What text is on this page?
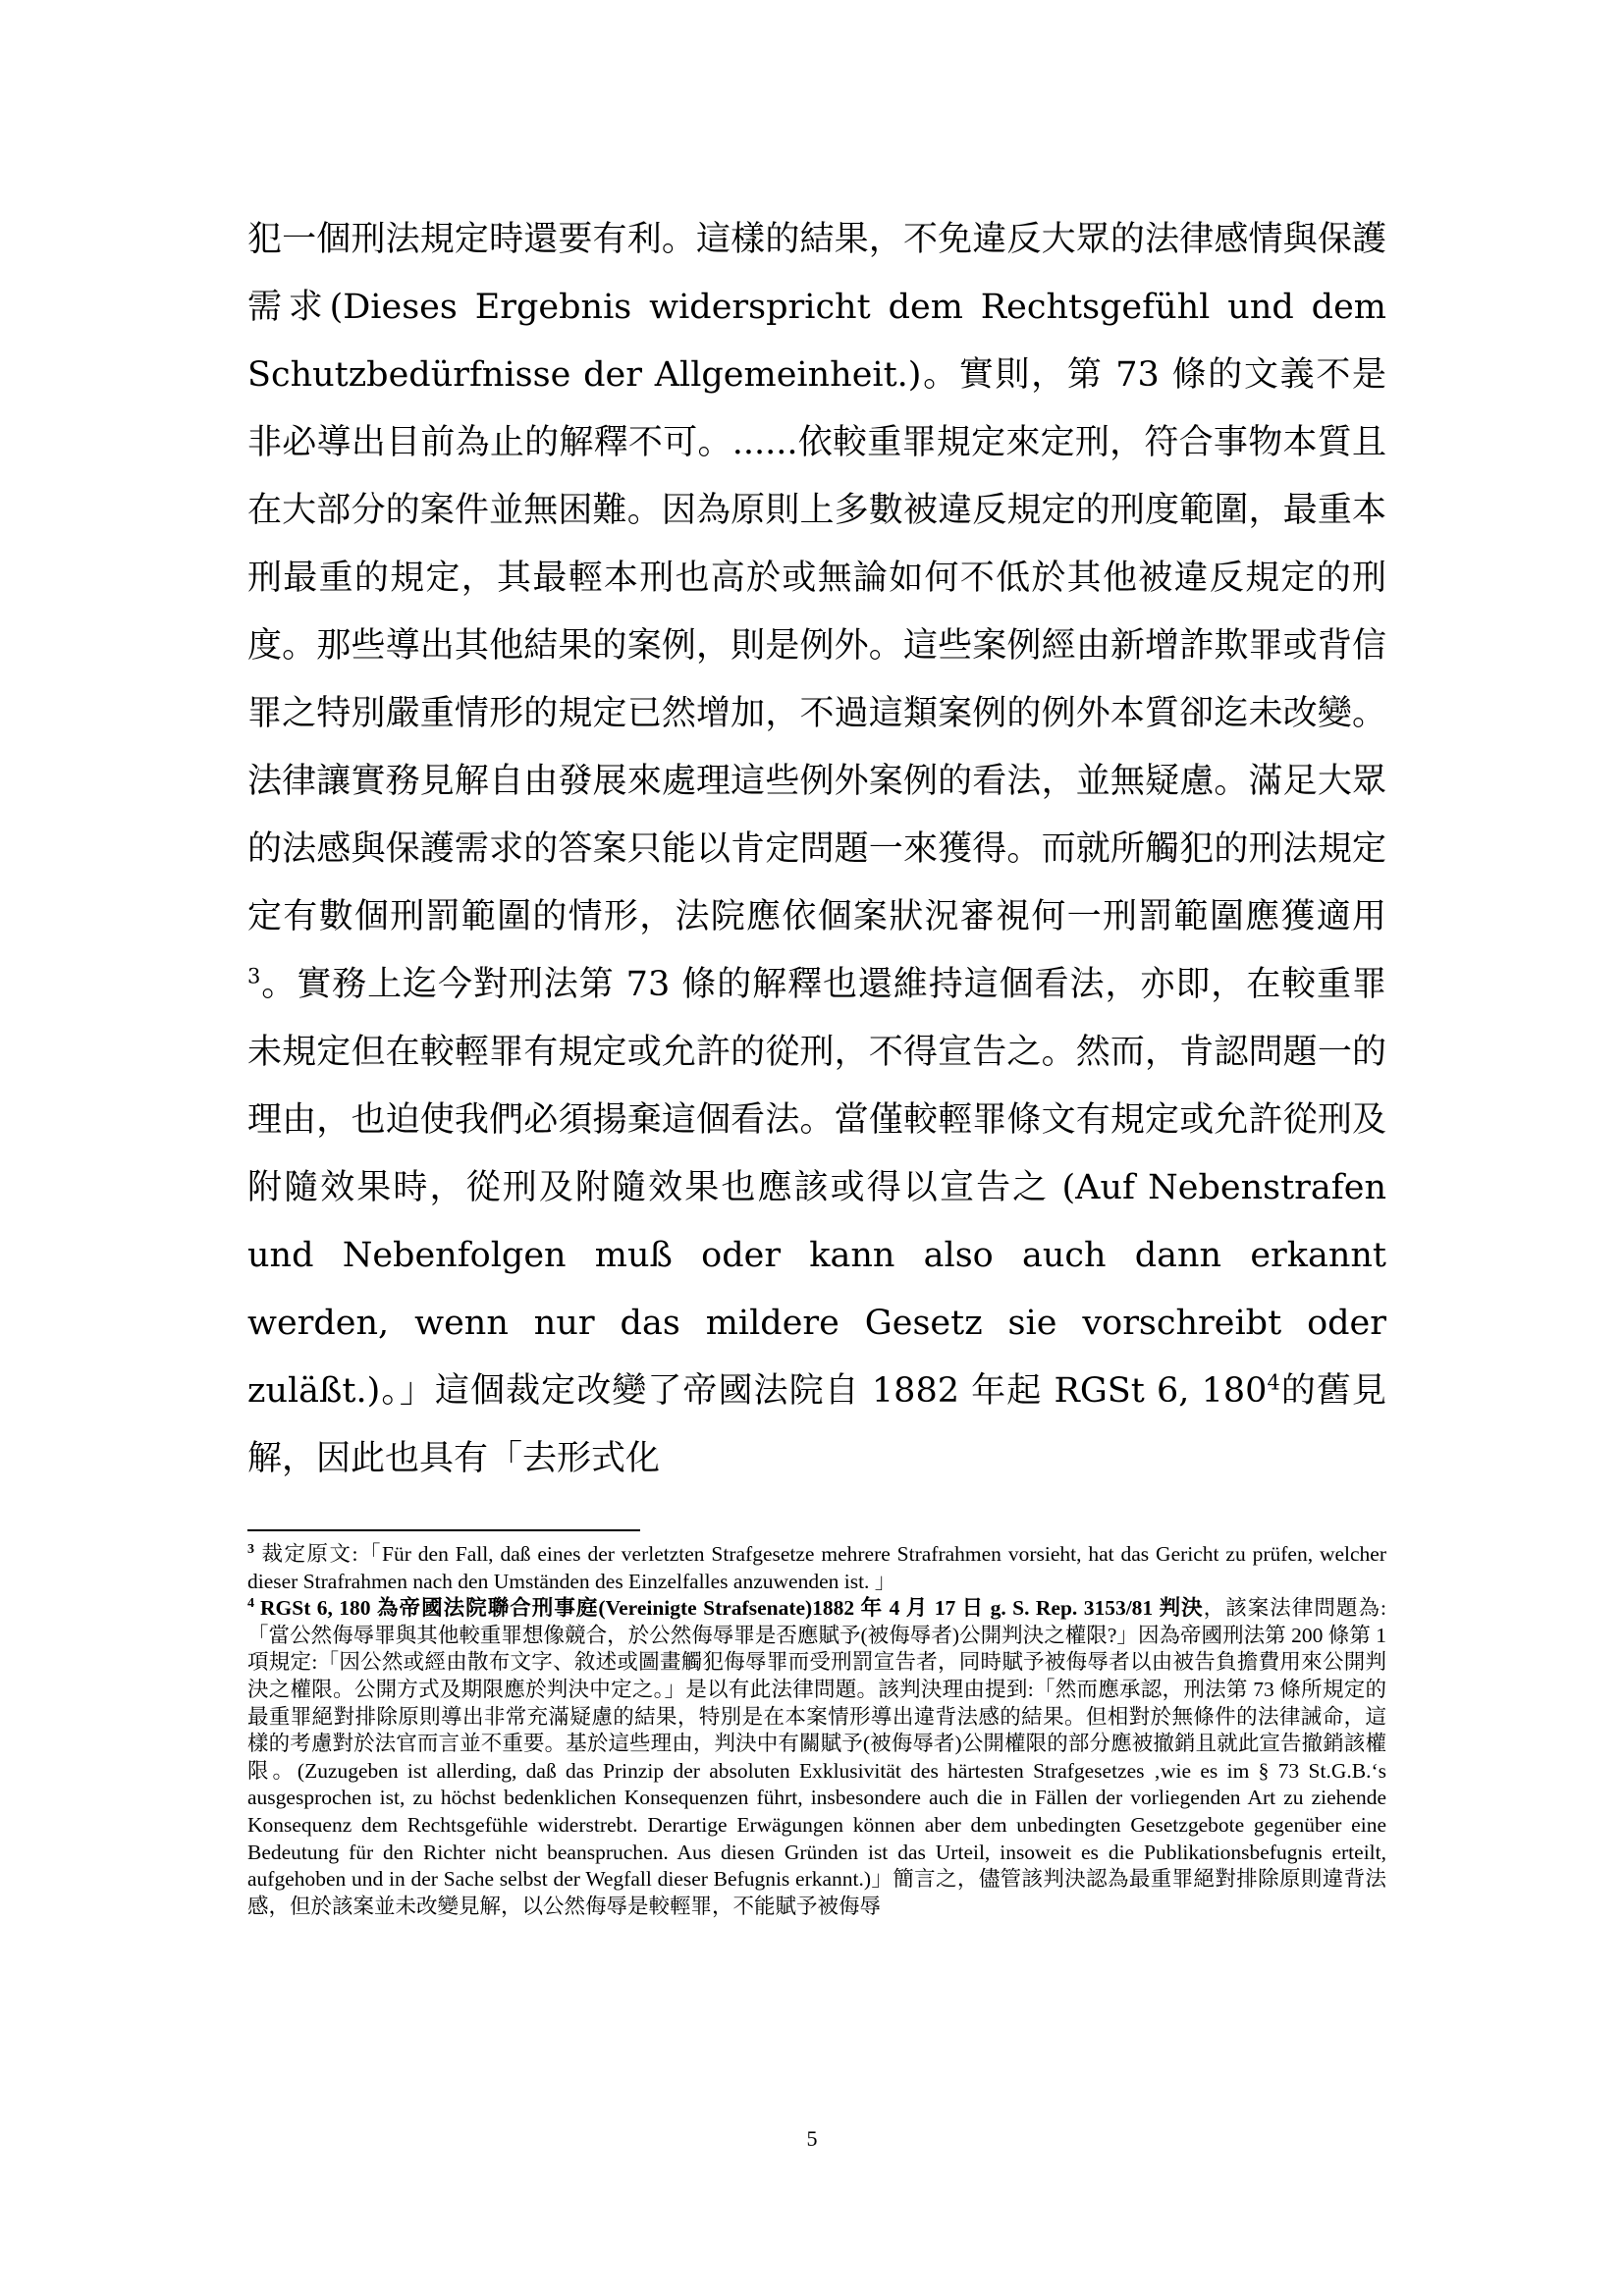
犯一個刑法規定時還要有利。這樣的結果，不免違反大眾的法律感情與保護需求(Dieses Ergebnis widerspricht dem Rechtsgefühl und dem Schutzbedürfnisse der Allgemeinheit.)。實則，第 73 條的文義不是非必導出目前為止的解釋不可。......依較重罪規定來定刑，符合事物本質且在大部分的案件並無困難。因為原則上多數被違反規定的刑度範圍，最重本刑最重的規定，其最輕本刑也高於或無論如何不低於其他被違反規定的刑度。那些導出其他結果的案例，則是例外。這些案例經由新增詐欺罪或背信罪之特別嚴重情形的規定已然增加，不過這類案例的例外本質卻迄未改變。法律讓實務見解自由發展來處理這些例外案例的看法，並無疑慮。滿足大眾的法感與保護需求的答案只能以肯定問題一來獲得。而就所觸犯的刑法規定定有數個刑罰範圍的情形，法院應依個案狀況審視何一刑罰範圍應獲適用$^3$。實務上迄今對刑法第 73 條的解釋也還維持這個看法，亦即，在較重罪未規定但在較輕罪有規定或允許的從刑，不得宣告之。然而，肯認問題一的理由，也迫使我們必須揚棄這個看法。當僅較輕罪條文有規定或允許從刑及附隨效果時，從刑及附隨效果也應該或得以宣告之 (Auf Nebenstrafen und Nebenfolgen muß oder kann also auch dann erkannt werden, wenn nur das mildere Gesetz sie vorschreibt oder zuläßt.)。」這個裁定改變了帝國法院自 1882 年起 RGSt 6, $180^4$的舊見解，因此也具有「去形式化

$^3$ 裁定原文:「Für den Fall, daß eines der verletzten Strafgesetze mehrere Strafrahmen vorsieht, hat das Gericht zu prüfen, welcher dieser Strafrahmen nach den Umständen des Einzelfalles anzuwenden ist. 」

$^4$ RGSt 6, 180 為帝國法院聯合刑事庭(Vereinigte Strafsenate)1882 年 4 月 17 日 g. S. Rep. 3153/81 判決，該案法律問題為:「當公然侮辱罪與其他較重罪想像競合，於公然侮辱罪是否應賦予(被侮辱者)公開判決之權限?」因為帝國刑法第 200 條第 1 項規定:「因公然或經由散布文字、敘述或圖畫觸犯侮辱罪而受刑罰宣告者，同時賦予被侮辱者以由被告負擔費用來公開判決之權限。公開方式及期限應於判決中定之。」是以有此法律問題。該判決理由提到:「然而應承認，刑法第 73 條所規定的最重罪絕對排除原則導出非常充滿疑慮的結果，特別是在本案情形導出違背法感的結果。但相對於無條件的法律誡命，這樣的考慮對於法官而言並不重要。基於這些理由，判決中有關賦予(被侮辱者)公開權限的部分應被撤銷且就此宣告撤銷該權限。(Zuzugeben ist allerding, daß das Prinzip der absoluten Exklusivität des härtesten Strafgesetzes ‚wie es im § 73 St.G.B.‘s ausgesprochen ist, zu höchst bedenklichen Konsequenzen führt, insbesondere auch die in Fällen der vorliegenden Art zu ziehende Konsequenz dem Rechtsgefühle widerstrebt. Derartige Erwägungen können aber dem unbedingten Gesetzgebote gegenüber eine Bedeutung für den Richter nicht beanspruchen. Aus diesen Gründen ist das Urteil, insoweit es die Publikationsbefugnis erteilt, aufgehoben und in der Sache selbst der Wegfall dieser Befugnis erkannt.)」簡言之，儘管該判決認為最重罪絕對排除原則違背法感，但於該案並未改變見解，以公然侮辱是較輕罪，不能賦予被侮辱

5
